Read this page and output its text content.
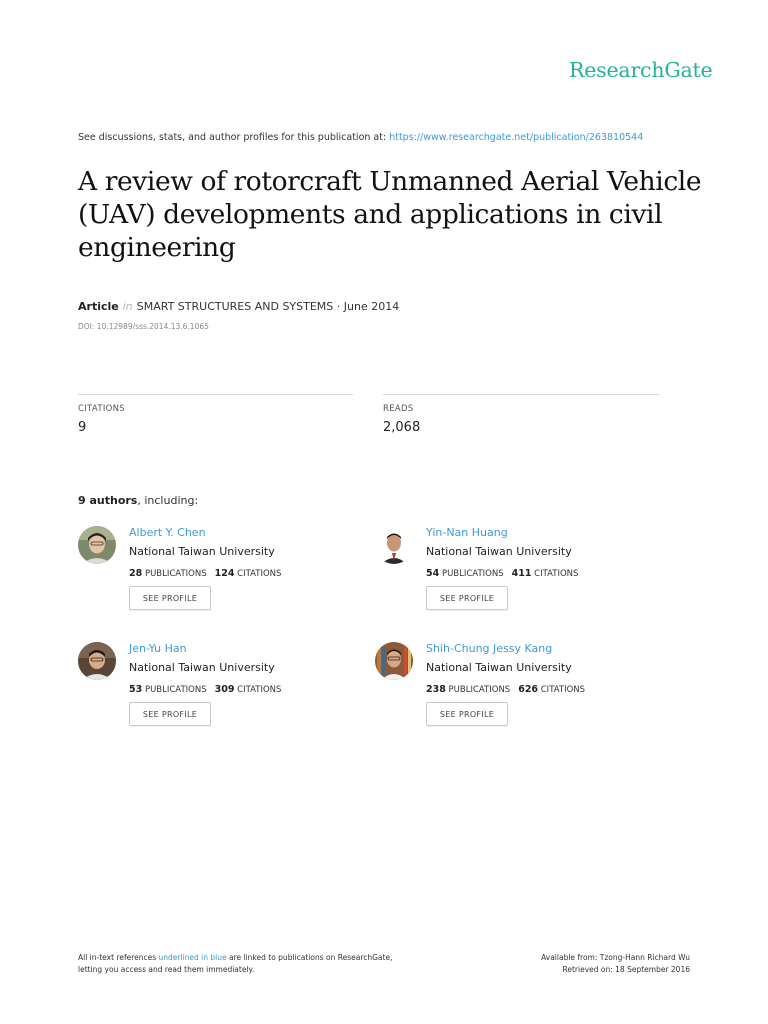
ResearchGate
See discussions, stats, and author profiles for this publication at: https://www.researchgate.net/publication/263810544
A review of rotorcraft Unmanned Aerial Vehicle
(UAV) developments and applications in civil
engineering
Article in SMART STRUCTURES AND SYSTEMS · June 2014
DOI: 10.12989/sss.2014.13.6.1065
CITATIONS
9
READS
2,068
9 authors, including:
Albert Y. Chen
National Taiwan University
28 PUBLICATIONS 124 CITATIONS
SEE PROFILE
Yin-Nan Huang
National Taiwan University
54 PUBLICATIONS 411 CITATIONS
SEE PROFILE
Jen-Yu Han
National Taiwan University
53 PUBLICATIONS 309 CITATIONS
SEE PROFILE
Shih-Chung Jessy Kang
National Taiwan University
238 PUBLICATIONS 626 CITATIONS
SEE PROFILE
All in-text references underlined in blue are linked to publications on ResearchGate,
letting you access and read them immediately.
Available from: Tzong-Hann Richard Wu
Retrieved on: 18 September 2016
